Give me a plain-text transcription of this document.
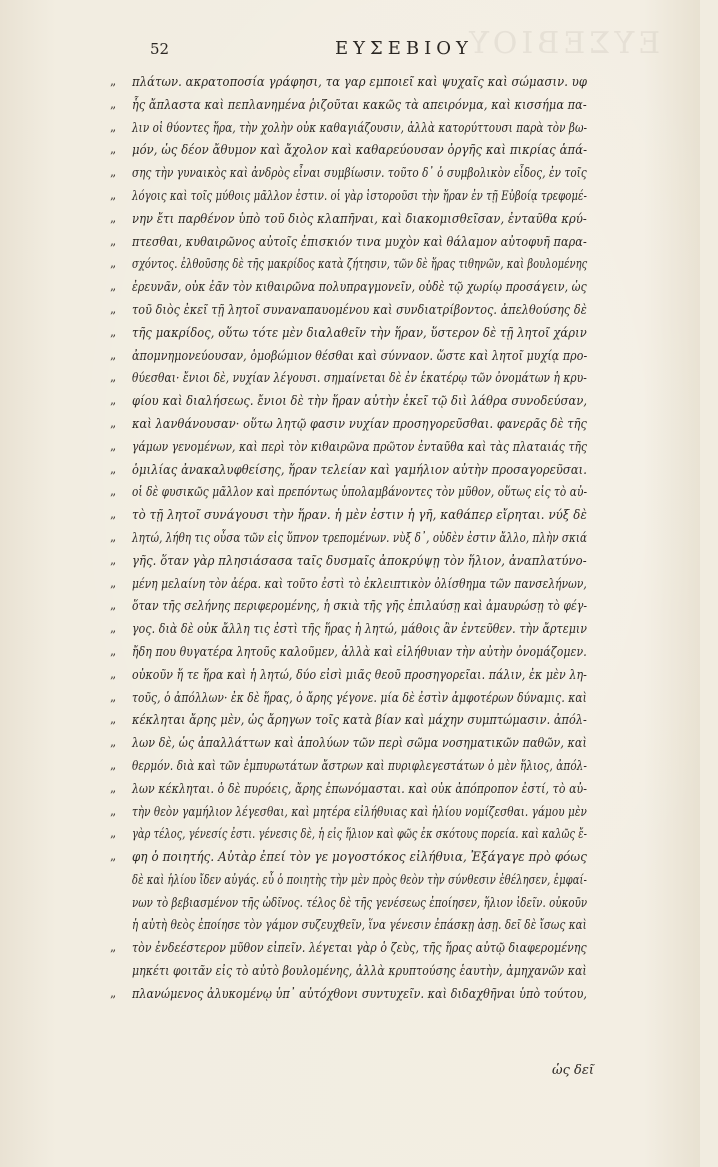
ΕΥΣΕΒΙΟΥ
52	ΕΥΣΕΒΙΟΥ
„ πλάτων. ακρατοποσία γράφησι, τα γαρ εμποιεῖ καὶ ψυχαῖς καὶ σώμασιν. υφ
„ ἧς ἄπλαστα καὶ πεπλανημένα ῥιζοῦται κακῶς τὰ απειρόνμα, καὶ κισσήμα πα-
„ λιν οἱ θύοντες ἥρα, τὴν χολὴν οὐκ καθαγιάζουσιν, ἀλλὰ κατορύττουσι παρὰ τὸν βω-
„ μόν, ὡς δέον ἄθυμον καὶ ἄχολον καὶ καθαρεύουσαν ὀργῆς καὶ πικρίας ἁπά-
„ σης τὴν γυναικὸς καὶ ἀνδρὸς εἶναι συμβίωσιν. τοῦτο δ᾽ ὁ συμβολικὸν εἶδος, ἐν τοῖς
„ λόγοις καὶ τοῖς μύθοις μᾶλλον ἐστιν. οἱ γὰρ ἱστοροῦσι τὴν ἥραν ἐν τῇ Εὐβοίᾳ τρεφομέ-
„ νην ἔτι παρθένον ὑπὸ τοῦ διὸς κλαπῆναι, καὶ διακομισθεῖσαν, ἐνταῦθα κρύ-
„ πτεσθαι, κυθαιρῶνος αὐτοῖς ἐπισκιόν τινα μυχὸν καὶ θάλαμον αὐτοφυῆ παρα-
„ σχόντος. ἐλθοῦσης δὲ τῆς μακρίδος κατὰ ζήτησιν, τῶν δὲ ἥρας τιθηνῶν, καὶ βουλομένης
„ ἐρευνᾶν, οὐκ ἐᾶν τὸν κιθαιρῶνα πολυπραγμονεῖν, οὐδὲ τῷ χωρίῳ προσάγειν, ὡς
„ τοῦ διὸς ἐκεῖ τῇ λητοῖ συναναπαυομένου καὶ συνδιατρίβοντος. ἀπελθούσης δὲ
„ τῆς μακρίδος, οὕτω τότε μὲν διαλαθεῖν τὴν ἥραν, ὕστερον δὲ τῇ λητοῖ χάριν
„ ἀπομνημονεύουσαν, ὁμοβώμιον θέσθαι καὶ σύνναον. ὥστε καὶ λητοῖ μυχίᾳ προ-
„ θύεσθαι· ἔνιοι δὲ, νυχίαν λέγουσι. σημαίνεται δὲ ἐν ἑκατέρῳ τῶν ὀνομάτων ἡ κρυ-
„ φίου καὶ διαλήσεως. ἔνιοι δὲ τὴν ἥραν αὐτὴν ἐκεῖ τῷ διὶ λάθρα συνοδεύσαν,
„ καὶ λανθάνουσαν· οὕτω λητῷ φασιν νυχίαν προσηγορεῦσθαι. φανερᾶς δὲ τῆς
„ γάμων γενομένων, καὶ περὶ τὸν κιθαιρῶνα πρῶτον ἐνταῦθα καὶ τὰς πλαταιάς τῆς
„ ὁμιλίας ἀνακαλυφθείσης, ἥραν τελείαν καὶ γαμήλιον αὐτὴν προσαγορεῦσαι.
„ οἱ δὲ φυσικῶς μᾶλλον καὶ πρεπόντως ὑπολαμβάνοντες τὸν μῦθον, οὕτως εἰς τὸ αὐ-
„ τὸ τῇ λητοῖ συνάγουσι τὴν ἥραν. ἡ μὲν ἐστιν ἡ γῆ, καθάπερ εἴρηται. νύξ δὲ
„ λητώ, λήθη τις οὖσα τῶν εἰς ὕπνον τρεπομένων. νὺξ δ᾽, οὐδὲν ἐστιν ἄλλο, πλὴν σκιά
„ γῆς. ὅταν γὰρ πλησιάσασα ταῖς δυσμαῖς ἀποκρύψῃ τὸν ἥλιον, ἀναπλατύνο-
„ μένη μελαίνη τὸν ἀέρα. καὶ τοῦτο ἐστὶ τὸ ἐκλειπτικὸν ὀλίσθημα τῶν πανσελήνων,
„ ὅταν τῆς σελήνης περιφερομένης, ἡ σκιὰ τῆς γῆς ἐπιλαύσῃ καὶ ἀμαυρώσῃ τὸ φέγ-
„ γος. διὰ δὲ οὐκ ἄλλη τις ἐστὶ τῆς ἥρας ἡ λητώ, μάθοις ἂν ἐντεῦθεν. τὴν ἄρτεμιν
„ ἤδη που θυγατέρα λητοῦς καλοῦμεν, ἀλλὰ καὶ εἰλήθυιαν τὴν αὐτὴν ὀνομάζομεν.
„ οὐκοῦν ἥ τε ἥρα καὶ ἡ λητώ, δύο εἰσὶ μιᾶς θεοῦ προσηγορεῖαι. πάλιν, ἐκ μὲν λη-
„ τοῦς, ὁ ἀπόλλων· ἐκ δὲ ἥρας, ὁ ἄρης γέγονε. μία δὲ ἐστὶν ἀμφοτέρων δύναμις. καὶ
„ κέκληται ἄρης μὲν, ὡς ἄρηγων τοῖς κατὰ βίαν καὶ μάχην συμπτώμασιν. ἀπόλ-
„ λων δὲ, ὡς ἀπαλλάττων καὶ ἀπολύων τῶν περὶ σῶμα νοσηματικῶν παθῶν, καὶ
„ θερμόν. διὰ καὶ τῶν ἐμπυρωτάτων ἄστρων καὶ πυριφλεγεστάτων ὁ μὲν ἥλιος, ἀπόλ-
„ λων κέκληται. ὁ δὲ πυρόεις, ἄρης ἐπωνόμασται. καὶ οὐκ ἀπόπροπον ἐστί, τὸ αὐ-
„ τὴν θεὸν γαμήλιον λέγεσθαι, καὶ μητέρα εἰλήθυιας καὶ ἡλίου νομίζεσθαι. γάμου μὲν
„ γὰρ τέλος, γένεσίς ἐστι. γένεσις δὲ, ἡ εἰς ἥλιον καὶ φῶς ἐκ σκότους πορεία. καὶ καλῶς ἔ-
„ φη ὁ ποιητής. Αὐτὰρ ἐπεί τὸν γε μογοστόκος εἰλήθυια, Ἐξάγαγε πρὸ φόως
δὲ καὶ ἡλίου ἴδεν αὐγάς. εὖ ὁ ποιητὴς τὴν μὲν πρὸς θεὸν τὴν σύνθεσιν ἐθέλησεν, ἐμφαί-
νων τὸ βεβιασμένον τῆς ὠδῖνος. τέλος δὲ τῆς γενέσεως ἐποίησεν, ἥλιον ἰδεῖν. οὐκοῦν
ἡ αὐτὴ θεὸς ἐποίησε τὸν γάμον συζευχθεῖν, ἵνα γένεσιν ἐπάσκῃ ἀσῃ. δεῖ δὲ ἴσως καὶ
„ τὸν ἐνδεέστερον μῦθον εἰπεῖν. λέγεται γὰρ ὁ ζεὺς, τῆς ἥρας αὐτῷ διαφερομένης
μηκέτι φοιτᾶν εἰς τὸ αὐτὸ βουλομένης, ἀλλὰ κρυπτούσης ἑαυτὴν, ἀμηχανῶν καὶ
„ πλανώμενος ἀλυκομένῳ ὑπ᾽ αὐτόχθονι συντυχεῖν. καὶ διδαχθῆναι ὑπὸ τούτου,
ὡς δεῖ
